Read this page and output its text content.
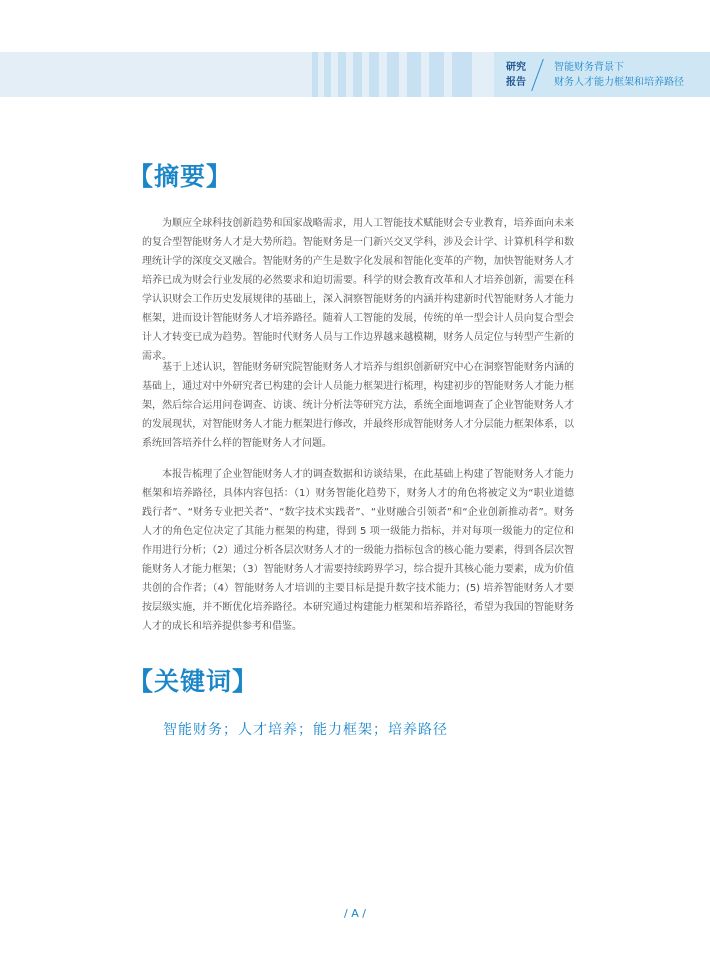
研究
报告
智能财务背景下
财务人才能力框架和培养路径
【摘要】

为顺应全球科技创新趋势和国家战略需求，用人工智能技术赋能财会专业教育，培养面向未来的复合型智能财务人才是大势所趋。智能财务是一门新兴交叉学科，涉及会计学、计算机科学和数理统计学的深度交叉融合。智能财务的产生是数字化发展和智能化变革的产物，加快智能财务人才培养已成为财会行业发展的必然要求和迫切需要。科学的财会教育改革和人才培养创新，需要在科学认识财会工作历史发展规律的基础上，深入洞察智能财务的内涵并构建新时代智能财务人才能力框架，进而设计智能财务人才培养路径。随着人工智能的发展，传统的单一型会计人员向复合型会计人才转变已成为趋势。智能时代财务人员与工作边界越来越模糊，财务人员定位与转型产生新的需求。

基于上述认识，智能财务研究院智能财务人才培养与组织创新研究中心在洞察智能财务内涵的基础上，通过对中外研究者已构建的会计人员能力框架进行梳理，构建初步的智能财务人才能力框架，然后综合运用问卷调查、访谈、统计分析法等研究方法，系统全面地调查了企业智能财务人才的发展现状，对智能财务人才能力框架进行修改，并最终形成智能财务人才分层能力框架体系，以系统回答培养什么样的智能财务人才问题。

本报告梳理了企业智能财务人才的调查数据和访谈结果，在此基础上构建了智能财务人才能力框架和培养路径，具体内容包括：（1）财务智能化趋势下，财务人才的角色将被定义为“职业道德践行者”、“财务专业把关者”、“数字技术实践者”、“业财融合引领者”和“企业创新推动者”。财务人才的角色定位决定了其能力框架的构建，得到 5 项一级能力指标，并对每项一级能力的定位和作用进行分析；（2）通过分析各层次财务人才的一级能力指标包含的核心能力要素，得到各层次智能财务人才能力框架；（3）智能财务人才需要持续跨界学习，综合提升其核心能力要素，成为价值共创的合作者；（4）智能财务人才培训的主要目标是提升数字技术能力；(5) 培养智能财务人才要按层级实施，并不断优化培养路径。本研究通过构建能力框架和培养路径，希望为我国的智能财务人才的成长和培养提供参考和借鉴。

【关键词】
智能财务；人才培养；能力框架；培养路径
/ A /
